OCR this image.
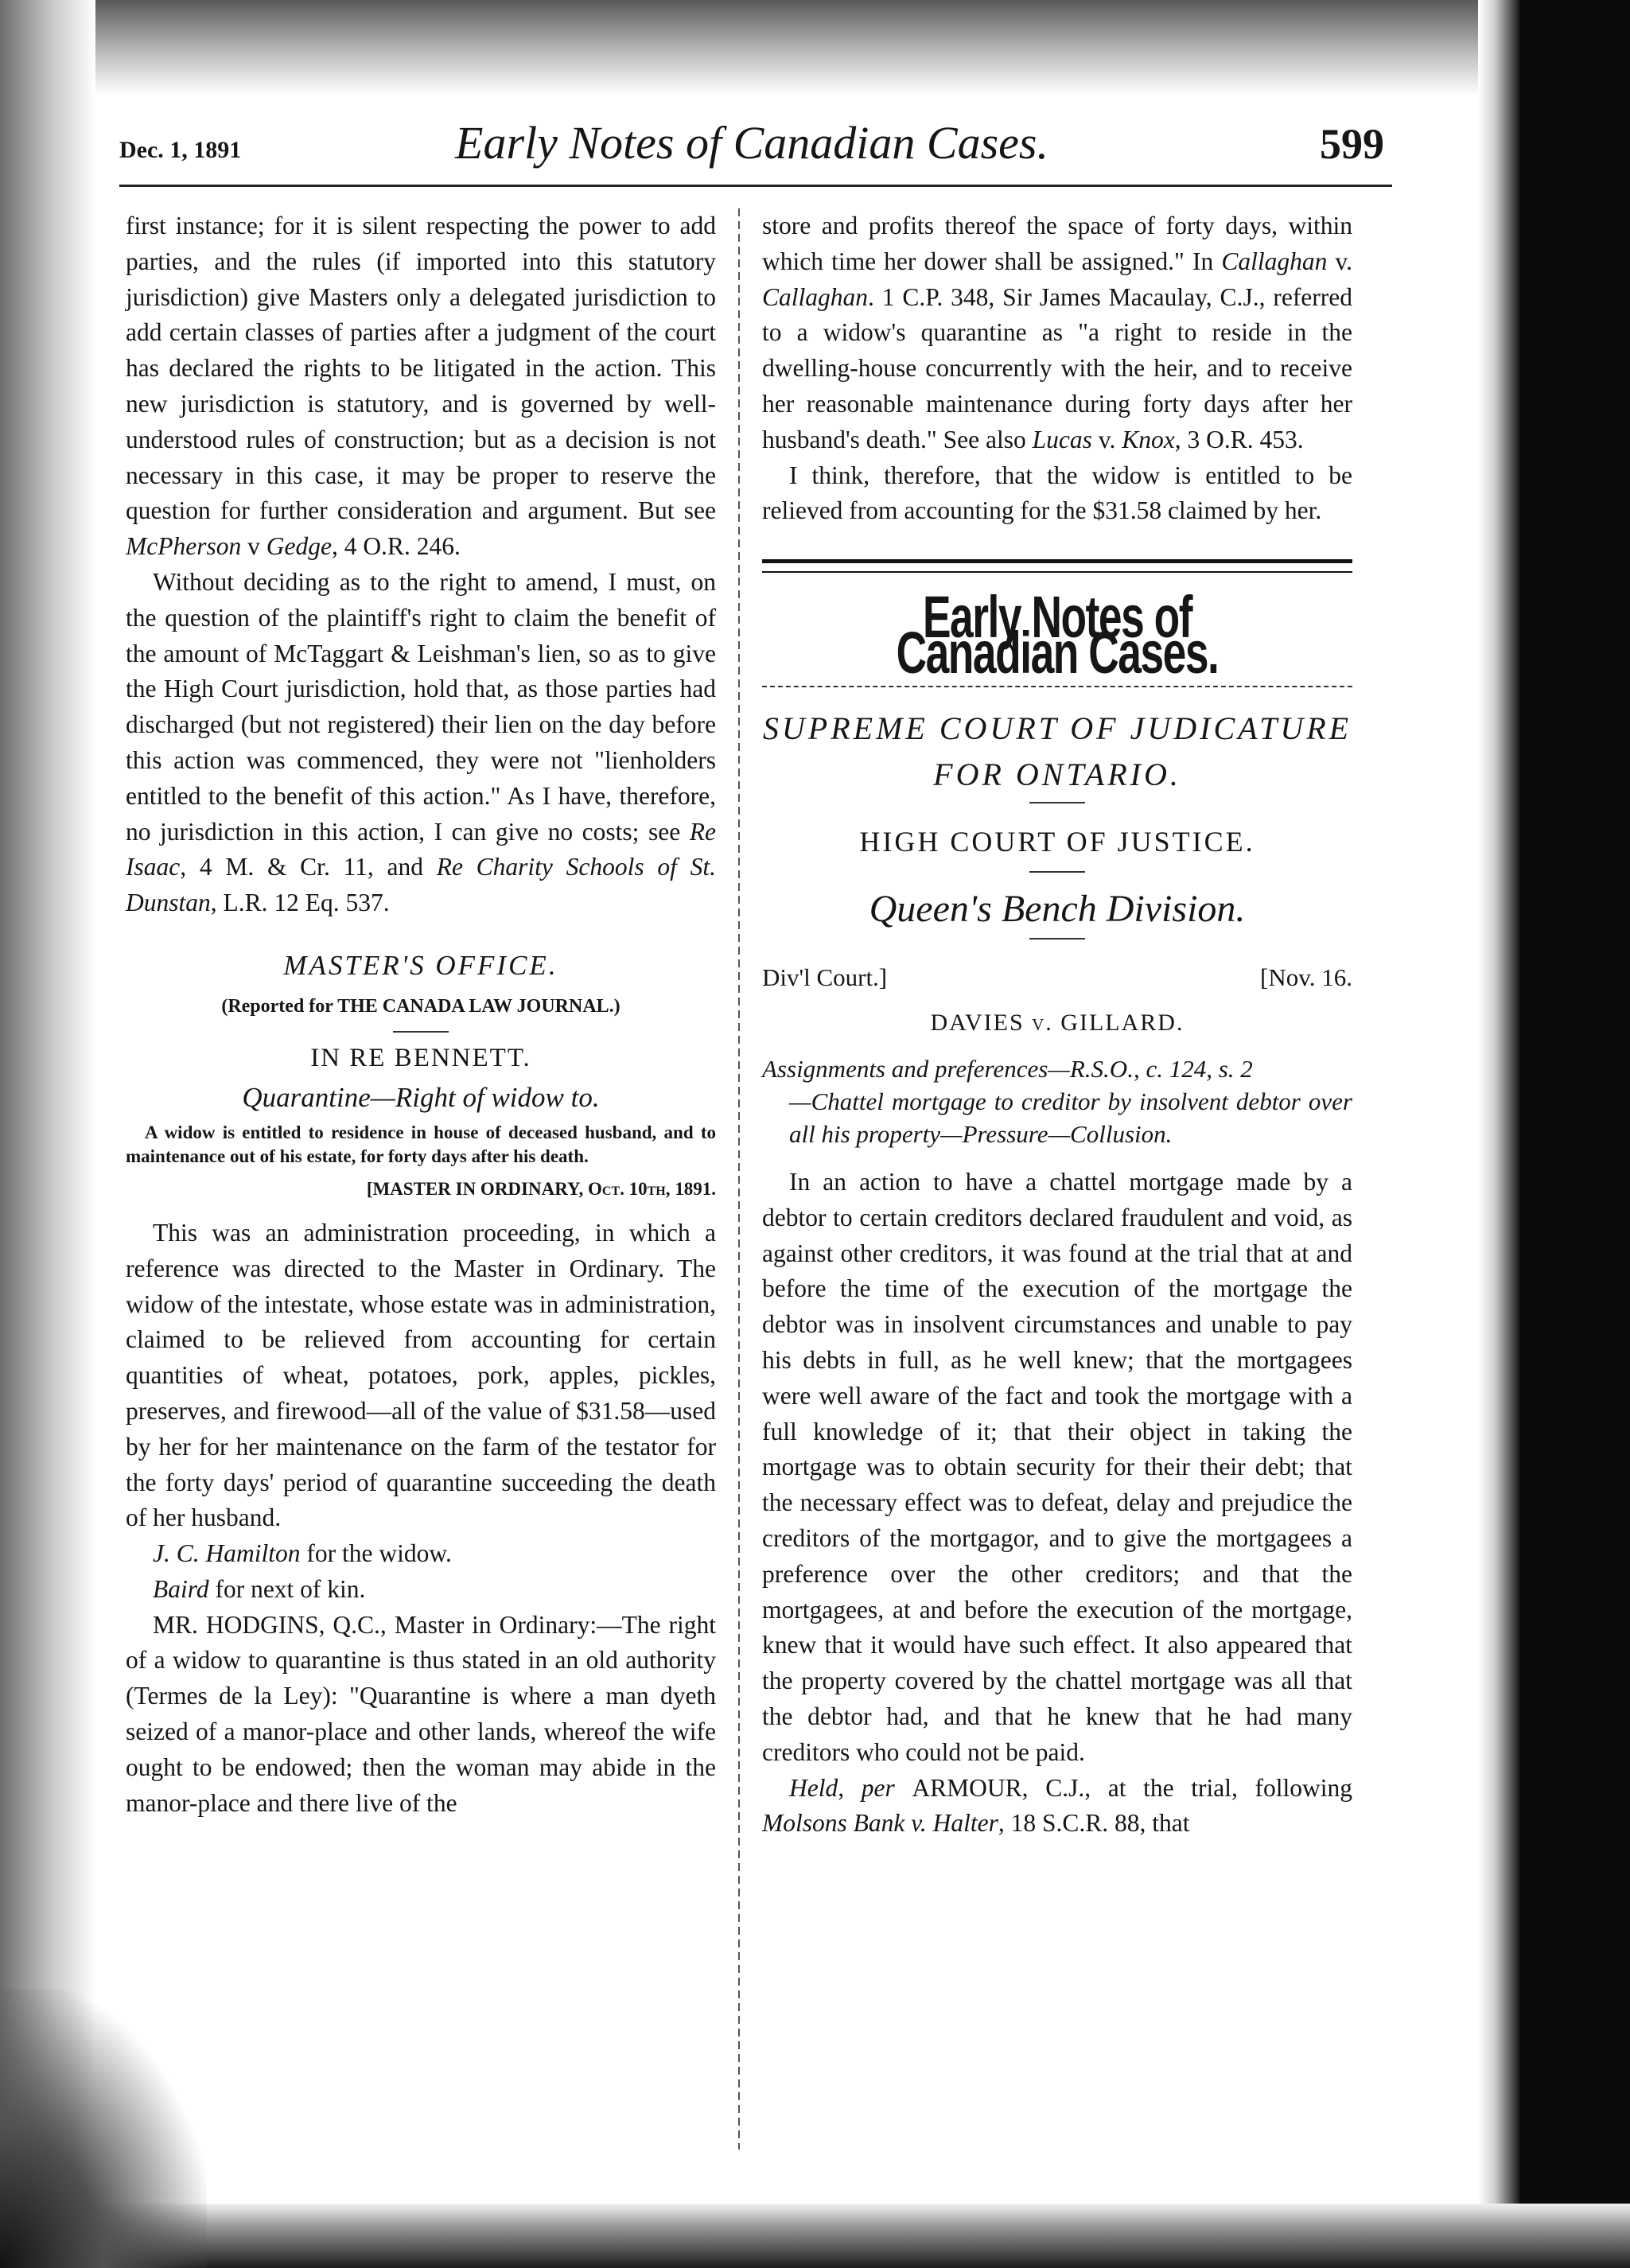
Dec. 1, 1891	Early Notes of Canadian Cases.	599

first instance; for it is silent respecting the power to add parties, and the rules (if imported into this statutory jurisdiction) give Masters only a delegated jurisdiction to add certain classes of parties after a judgment of the court has declared the rights to be litigated in the action. This new jurisdiction is statutory, and is governed by well-understood rules of construction; but as a decision is not necessary in this case, it may be proper to reserve the question for further consideration and argument. But see McPherson v Gedge, 4 O.R. 246.

Without deciding as to the right to amend, I must, on the question of the plaintiff's right to claim the benefit of the amount of McTaggart & Leishman's lien, so as to give the High Court jurisdiction, hold that, as those parties had discharged (but not registered) their lien on the day before this action was commenced, they were not "lienholders entitled to the benefit of this action." As I have, therefore, no jurisdiction in this action, I can give no costs; see Re Isaac, 4 M. & Cr. 11, and Re Charity Schools of St. Dunstan, L.R. 12 Eq. 537.

MASTER'S OFFICE.
(Reported for THE CANADA LAW JOURNAL.)
IN RE BENNETT.
Quarantine—Right of widow to.

A widow is entitled to residence in house of deceased husband, and to maintenance out of his estate, for forty days after his death.

[MASTER IN ORDINARY, Oct. 10th, 1891.

This was an administration proceeding, in which a reference was directed to the Master in Ordinary. The widow of the intestate, whose estate was in administration, claimed to be relieved from accounting for certain quantities of wheat, potatoes, pork, apples, pickles, preserves, and firewood—all of the value of $31.58—used by her for her maintenance on the farm of the testator for the forty days' period of quarantine succeeding the death of her husband.

J. C. Hamilton for the widow.

Baird for next of kin.

MR. HODGINS, Q.C., Master in Ordinary:—The right of a widow to quarantine is thus stated in an old authority (Termes de la Ley): "Quarantine is where a man dyeth seized of a manor-place and other lands, whereof the wife ought to be endowed; then the woman may abide in the manor-place and there live of the

store and profits thereof the space of forty days, within which time her dower shall be assigned." In Callaghan v. Callaghan. 1 C.P. 348, Sir James Macaulay, C.J., referred to a widow's quarantine as "a right to reside in the dwelling-house concurrently with the heir, and to receive her reasonable maintenance during forty days after her husband's death." See also Lucas v. Knox, 3 O.R. 453.

I think, therefore, that the widow is entitled to be relieved from accounting for the $31.58 claimed by her.

Early Notes of Canadian Cases.
SUPREME COURT OF JUDICATURE
FOR ONTARIO.
HIGH COURT OF JUSTICE.
Queen's Bench Division.
Div'l Court.]	[Nov. 16.
DAVIES v. GILLARD.
Assignments and preferences—R.S.O., c. 124, s. 2
—Chattel mortgage to creditor by insolvent debtor over all his property—Pressure—Collusion.

In an action to have a chattel mortgage made by a debtor to certain creditors declared fraudulent and void, as against other creditors, it was found at the trial that at and before the time of the execution of the mortgage the debtor was in insolvent circumstances and unable to pay his debts in full, as he well knew; that the mortgagees were well aware of the fact and took the mortgage with a full knowledge of it; that their object in taking the mortgage was to obtain security for their their debt; that the necessary effect was to defeat, delay and prejudice the creditors of the mortgagor, and to give the mortgagees a preference over the other creditors; and that the mortgagees, at and before the execution of the mortgage, knew that it would have such effect. It also appeared that the property covered by the chattel mortgage was all that the debtor had, and that he knew that he had many creditors who could not be paid.

Held, per ARMOUR, C.J., at the trial, following Molsons Bank v. Halter, 18 S.C.R. 88, that
